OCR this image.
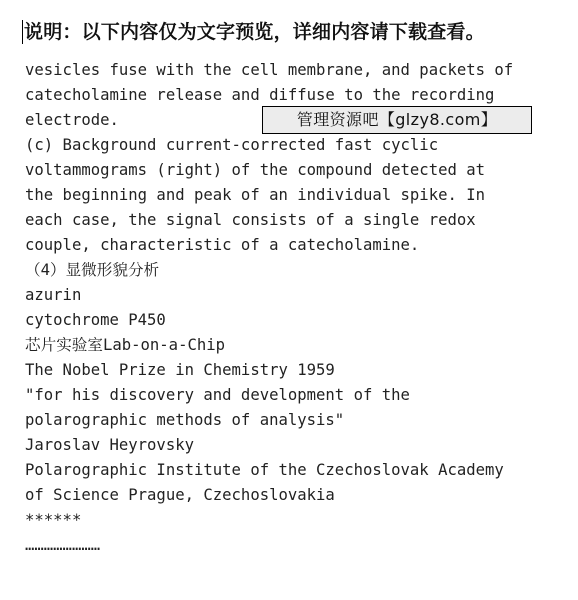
说明：以下内容仅为文字预览，详细内容请下载查看。
vesicles fuse with the cell membrane, and packets of
catecholamine release and diffuse to the recording
electrode.
(c) Background current-corrected fast cyclic
voltammograms (right) of the compound detected at
the beginning and peak of an individual spike. In
each case, the signal consists of a single redox
couple, characteristic of a catecholamine.
（4）显微形貌分析
azurin
cytochrome P450
芯片实验室Lab-on-a-Chip
The Nobel Prize in Chemistry 1959
"for his discovery and development of the
polarographic methods of analysis"
Jaroslav Heyrovsky
Polarographic Institute of the Czechoslovak Academy
of Science Prague, Czechoslovakia
******
……………………
管理资源吧【glzy8.com】
